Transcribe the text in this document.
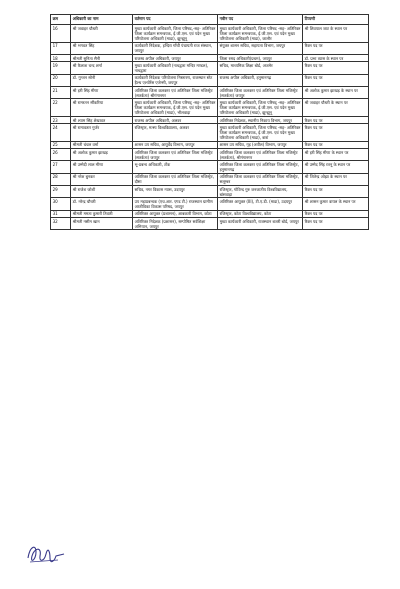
क्रम	अधिकारी का नाम	वर्तमान पद	नवीन पद	टिप्पणी
16	श्री जवाहर चौधरी	मुख्य कार्यकारी अधिकारी, जिला परिषद,-सह- अतिरिक्त जिला कार्यक्रम समन्वयक, ई.जी.एस. एवं पदेन मुख्य परियोजना अधिकारी (माडा), झुन्झुनू	मुख्य कार्यकारी अधिकारी, जिला परिषद -सह- अतिरिक्त जिला कार्यक्रम समन्वयक, ई.जी.एस. एवं पदेन मुख्य परियोजना अधिकारी (माडा), जालौर	श्री शिवपाल जाट के स्थान पर
17	श्री भगवत सिंह	कार्यकारी निदेशक, इन्दिरा गाँधी पंचायती राज संस्थान, जयपुर	संयुक्त शासन सचिव, सहायता विभाग, जयपुर	रिक्त पद पर
18	श्रीमती सुनिता सैनी	राजस्व अपील अधिकारी, जयपुर	जिला रसद अधिकारी(प्रथम), जयपुर	डॉ. प्रभा व्यास के स्थान पर
19	श्री कैलाश चन्द शर्मा	मुख्य कार्यकारी अधिकारी (नाथद्वारा मन्दिर मण्डल), नाथद्वारा	सचिव, माध्यमिक शिक्षा बोर्ड, अजमेर	रिक्त पद पर
20	डॉ. गुन्जन सोनी	कार्यकारी निदेशक परियोजना निस्तारण, राजस्थान स्टेट हैल्थ एश्योरेंस एजेन्सी, जयपुर	राजस्व अपील अधिकारी, हनुमानगढ़	रिक्त पद पर
21	श्री हरी सिंह मीणा	अतिरिक्त जिला कलक्टर एवं अतिरिक्त जिला मजिस्ट्रेट (सतर्कता) श्रीगंगानगर	अतिरिक्त जिला कलक्टर एवं अतिरिक्त जिला मजिस्ट्रेट (सतर्कता) जयपुर	श्री अशोक कुमार झाखड़ के स्थान पर
22	श्री रामरतन सौंकरिया	मुख्य कार्यकारी अधिकारी, जिला परिषद् -सह- अतिरिक्त जिला कार्यक्रम समन्वयक, ई.जी.एस. एवं पदेन मुख्य परियोजना अधिकारी (माडा), भीलवाड़ा	मुख्य कार्यकारी अधिकारी, जिला परिषद् -सह- अतिरिक्त जिला कार्यक्रम समन्वयक, ई.जी.एस. एवं पदेन मुख्य परियोजना अधिकारी (माडा), झुन्झुनू	श्री जवाहर चौधरी के स्थान पर
23	श्री श्याम सिंह शेखावत	राजस्व अपील अधिकारी, अलवर	अतिरिक्त निदेशक, स्थानीय निकाय विभाग, जयपुर	रिक्त पद पर
24	श्री रामावतार गुर्जर	रजिस्ट्रार, मत्स्य विश्वविद्यालय, अलवर	मुख्य कार्यकारी अधिकारी, जिला परिषद -सह- अतिरिक्त जिला कार्यक्रम समन्वयक, ई.जी.एस. एवं पदेन मुख्य परियोजना अधिकारी (माडा), बारां	रिक्त पद पर
25	श्रीमती चंचल वर्मा	शासन उप सचिव, आयुर्वेद विभाग, जयपुर	शासन उप सचिव, गृह (अपील) विभाग, जयपुर	रिक्त पद पर
26	श्री अशोक कुमार झाखड़	अतिरिक्त जिला कलक्टर एवं अतिरिक्त जिला मजिस्ट्रेट (सतर्कता) जयपुर	अतिरिक्त जिला कलक्टर एवं अतिरिक्त जिला मजिस्ट्रेट (सतर्कता), श्रीगंगानगर	श्री हरी सिंह मीणा के स्थान पर
27	श्री उम्मेदी लाल मीणा	भू-प्रबन्ध अधिकारी, टोंक	अतिरिक्त जिला कलक्टर एवं अतिरिक्त जिला मजिस्ट्रेट, हनुमानगढ़	श्री उम्मेद सिंह रतनू के स्थान पर
28	श्री नरेश बुनकर	अतिरिक्त जिला कलक्टर एवं अतिरिक्त जिला मजिस्ट्रेट, दौसा	अतिरिक्त जिला कलक्टर एवं अतिरिक्त जिला मजिस्ट्रेट, सलूम्बर	श्री जितेन्द्र ओझा के स्थान पर
29	श्री राजेश जोशी	सचिव, नगर विकास न्यास, उदयपुर	रजिस्ट्रार, गोविन्द गुरु जनजातीय विश्वविद्यालय, बांसवाड़ा	रिक्त पद पर
30	डॉ. नरेन्द्र चौधरी	उप महाप्रबन्धक (एच.आर. एण्ड टी.) राजस्थान ग्रामीण आजीविका विकास परिषद, जयपुर	अतिरिक्त आयुक्त (III), टी.ए.डी. (माडा), उदयपुर	श्री शासन कुमार वायल के स्थान पर
31	श्रीमती ममता कुमारी तिवारी	अतिरिक्त आयुक्त (प्रशासन), आबकारी विभाग, कोटा	रजिस्ट्रार, कोटा विश्वविद्यालय, कोटा	रिक्त पद पर
32	श्रीमती नसीम खान	अतिरिक्त निदेशक (प्रशासन), सम्पोषित सर्वशिक्षा अभियान, जयपुर	मुख्य कार्यकारी अधिकारी, राजस्थान बजरी बोर्ड, जयपुर	रिक्त पद पर
